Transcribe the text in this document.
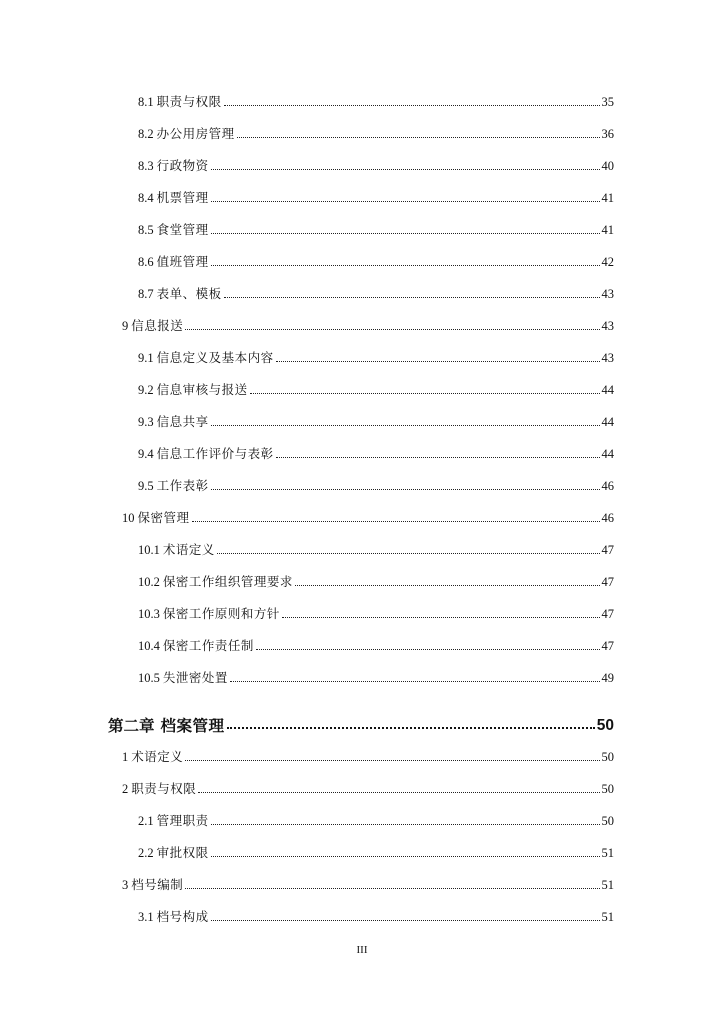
8.1 职责与权限	35
8.2 办公用房管理	36
8.3 行政物资	40
8.4 机票管理	41
8.5 食堂管理	41
8.6 值班管理	42
8.7 表单、模板	43
9 信息报送	43
9.1 信息定义及基本内容	43
9.2 信息审核与报送	44
9.3 信息共享	44
9.4 信息工作评价与表彰	44
9.5 工作表彰	46
10 保密管理	46
10.1 术语定义	47
10.2 保密工作组织管理要求	47
10.3 保密工作原则和方针	47
10.4 保密工作责任制	47
10.5 失泄密处置	49
第二章 档案管理	50
1 术语定义	50
2 职责与权限	50
2.1 管理职责	50
2.2 审批权限	51
3 档号编制	51
3.1 档号构成	51
III
